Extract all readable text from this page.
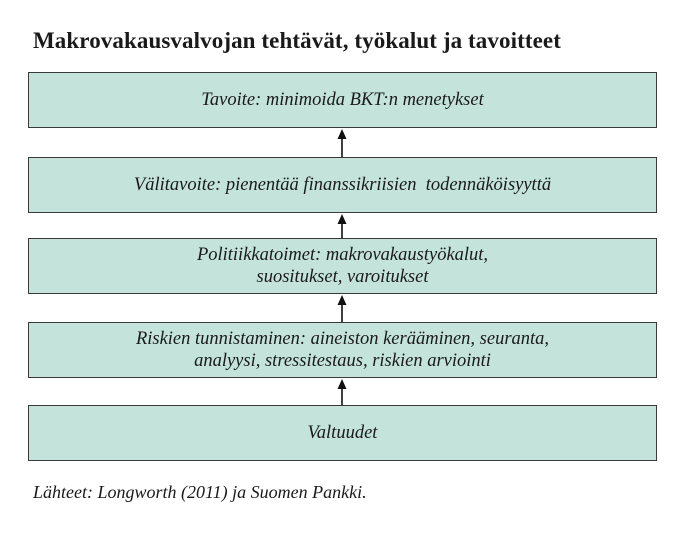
Makrovakausvalvojan tehtävät, työkalut ja tavoitteet
Tavoite: minimoida BKT:n menetykset
Välitavoite: pienentää finanssikriisien  todennäköisyyttä
Politiikkatoimet: makrovakaustyökalut,
suositukset, varoitukset
Riskien tunnistaminen: aineiston kerääminen, seuranta,
analyysi, stressitestaus, riskien arviointi
Valtuudet
Lähteet: Longworth (2011) ja Suomen Pankki.
